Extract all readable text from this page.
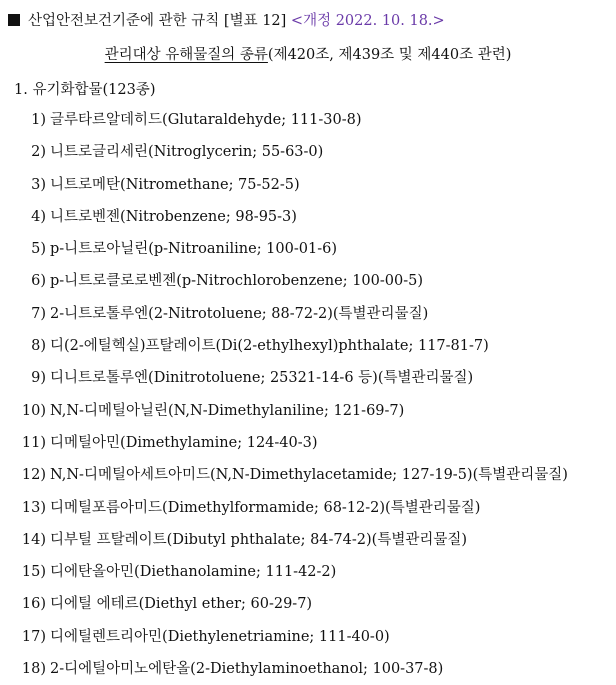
산업안전보건기준에 관한 규칙 [별표 12] <개정 2022. 10. 18.>
관리대상 유해물질의 종류(제420조, 제439조 및 제440조 관련)
1. 유기화합물(123종)
1) 글루타르알데히드(Glutaraldehyde; 111-30-8)
2) 니트로글리세린(Nitroglycerin; 55-63-0)
3) 니트로메탄(Nitromethane; 75-52-5)
4) 니트로벤젠(Nitrobenzene; 98-95-3)
5) p-니트로아닐린(p-Nitroaniline; 100-01-6)
6) p-니트로클로로벤젠(p-Nitrochlorobenzene; 100-00-5)
7) 2-니트로톨루엔(2-Nitrotoluene; 88-72-2)(특별관리물질)
8) 디(2-에틸헥실)프탈레이트(Di(2-ethylhexyl)phthalate; 117-81-7)
9) 디니트로톨루엔(Dinitrotoluene; 25321-14-6 등)(특별관리물질)
10) N,N-디메틸아닐린(N,N-Dimethylaniline; 121-69-7)
11) 디메틸아민(Dimethylamine; 124-40-3)
12) N,N-디메틸아세트아미드(N,N-Dimethylacetamide; 127-19-5)(특별관리물질)
13) 디메틸포름아미드(Dimethylformamide; 68-12-2)(특별관리물질)
14) 디부틸 프탈레이트(Dibutyl phthalate; 84-74-2)(특별관리물질)
15) 디에탄올아민(Diethanolamine; 111-42-2)
16) 디에틸 에테르(Diethyl ether; 60-29-7)
17) 디에틸렌트리아민(Diethylenetriamine; 111-40-0)
18) 2-디에틸아미노에탄올(2-Diethylaminoethanol; 100-37-8)
